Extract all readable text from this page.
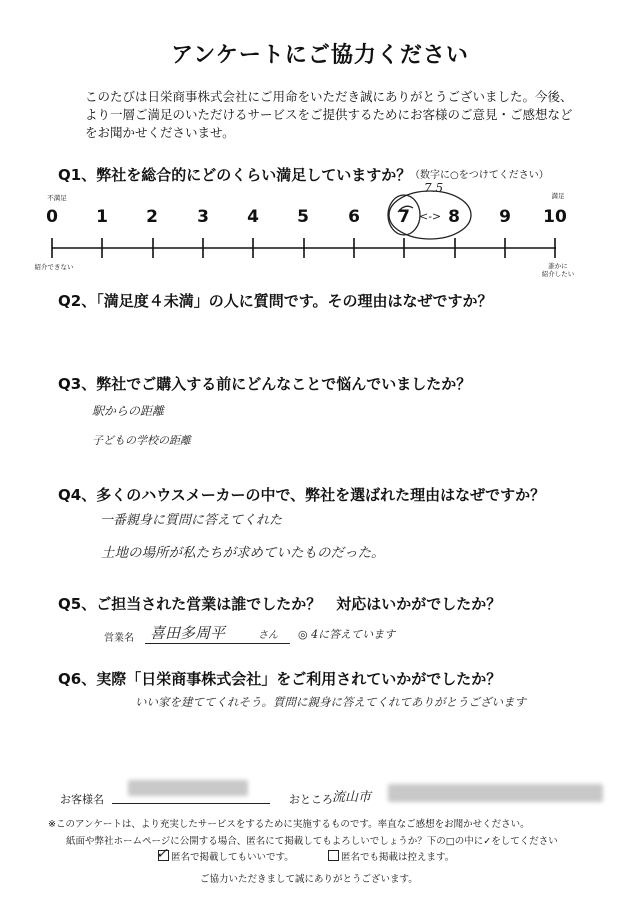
アンケートにご協力ください
このたびは日栄商事株式会社にご用命をいただき誠にありがとうございました。今後、
より一層ご満足のいただけるサービスをご提供するためにお客様のご意見・ご感想など
をお聞かせくださいませ。
Q1、弊社を総合的にどのくらい満足していますか？
（数字に○をつけてください）
不満足	満足
7.5
0 1 2 3 4 5 6 7 8 9 10
<->
紹介できない	誰かに
紹介したい
Q2、「満足度４未満」の人に質問です。その理由はなぜですか？
Q3、弊社でご購入する前にどんなことで悩んでいましたか？
駅からの距離
子どもの学校の距離
Q4、多くのハウスメーカーの中で、弊社を選ばれた理由はなぜですか？
一番親身に質問に答えてくれた
土地の場所が私たちが求めていたものだった。
Q5、ご担当された営業は誰でしたか？　対応はいかがでしたか？
営業名 喜田多周平	さん ◎ 4に答えています
Q6、実際「日栄商事株式会社」をご利用されていかがでしたか？
いい家を建ててくれそう。質問に親身に答えてくれてありがとうございます
お客様名	おところ 流山市
※このアンケートは、より充実したサービスをするために実施するものです。率直なご感想をお聞かせください。
紙面や弊社ホームページに公開する場合、匿名にて掲載してもよろしいでしょうか？下の□の中に✓をしてください
匿名で掲載してもいいです。
✓	匿名でも掲載は控えます。
ご協力いただきまして誠にありがとうございます。
